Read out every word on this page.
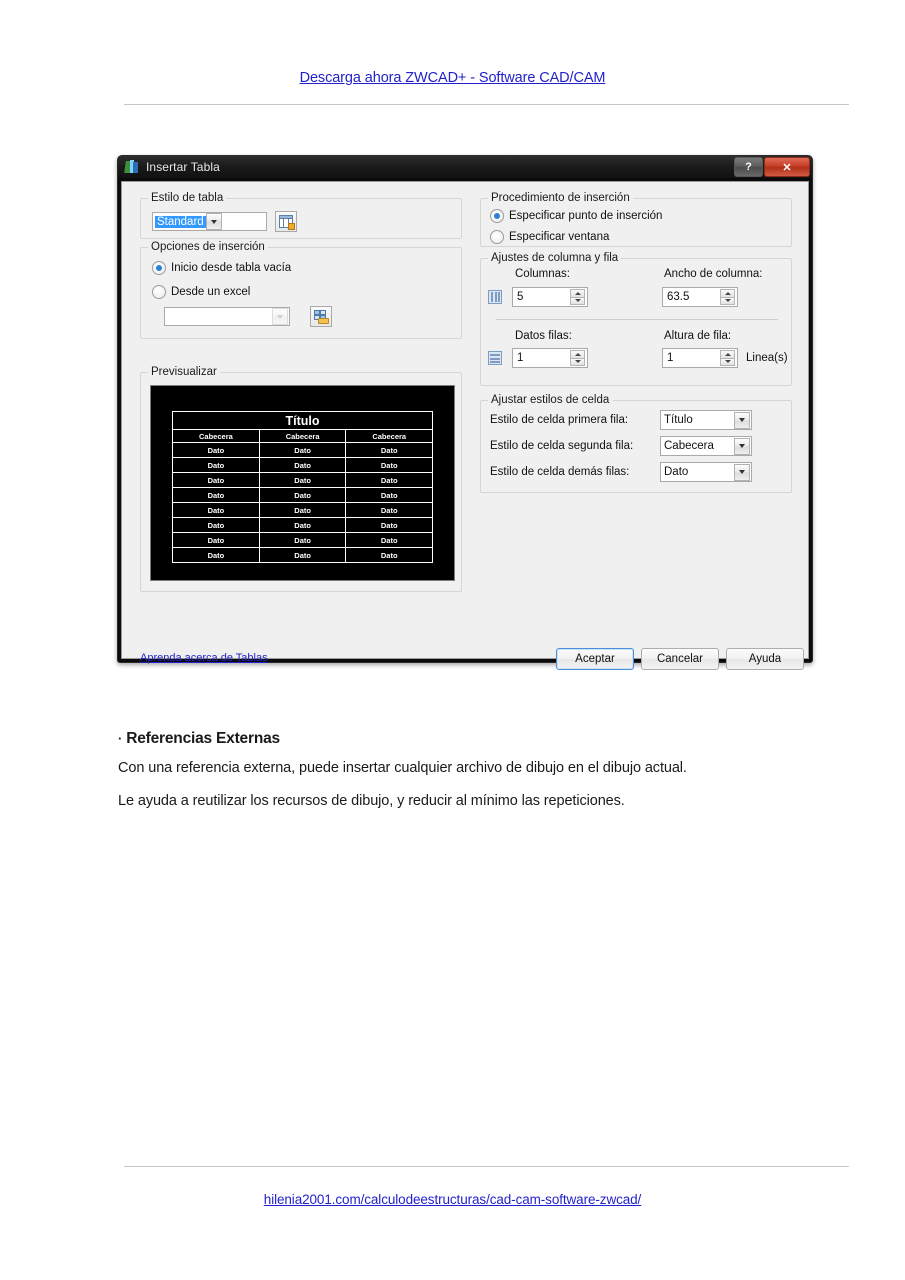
Descarga ahora ZWCAD+ - Software CAD/CAM
Insertar Tabla	?	✕
Estilo de tabla
Standard
Opciones de inserción
Inicio desde tabla vacía
Desde un excel
Previsualizar
Título		
Cabecera	Cabecera	Cabecera
Dato	Dato	Dato
Dato	Dato	Dato
Dato	Dato	Dato
Dato	Dato	Dato
Dato	Dato	Dato
Dato	Dato	Dato
Dato	Dato	Dato
Dato	Dato	Dato
Procedimiento de inserción
Especificar punto de inserción
Especificar ventana
Ajustes de columna y fila
Columnas:
5
Ancho de columna:
63.5
Datos filas:
1
Altura de fila:
1	Linea(s)
Ajustar estilos de celda
Estilo de celda primera fila:	Título
Estilo de celda segunda fila:	Cabecera
Estilo de celda demás filas:	Dato
Aprenda acerca de Tablas	Aceptar	Cancelar	Ayuda
· Referencias Externas

Con una referencia externa, puede insertar cualquier archivo de dibujo en el dibujo actual.

Le ayuda a reutilizar los recursos de dibujo, y reducir al mínimo las repeticiones.

hilenia2001.com/calculodeestructuras/cad-cam-software-zwcad/
